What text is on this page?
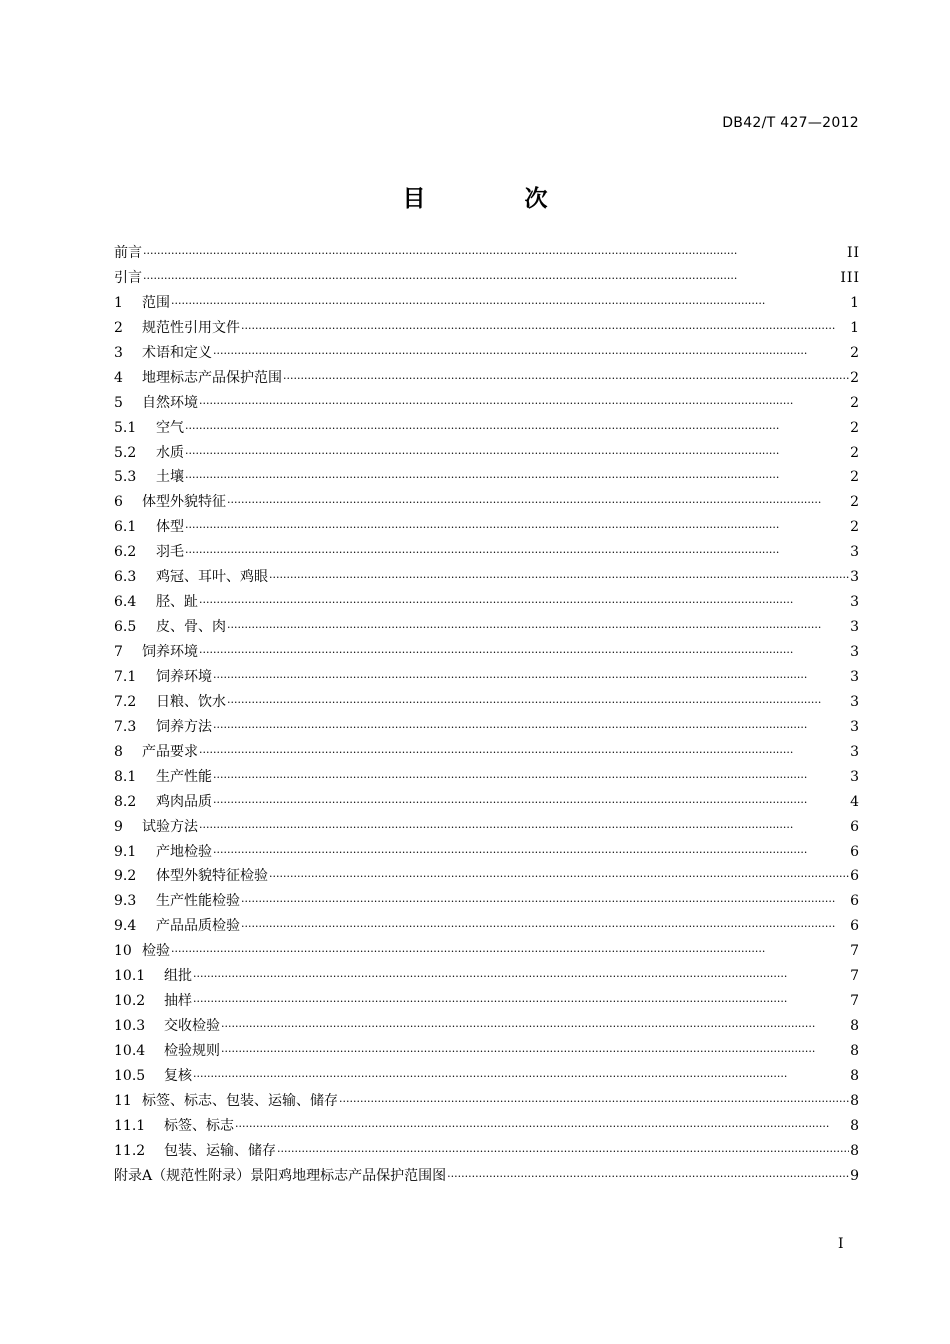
DB42/T 427—2012
目　次
前言 ·····	II
引言 ·····	III
1 范围 ·····	1
2 规范性引用文件 ·····	1
3 术语和定义 ·····	2
4 地理标志产品保护范围 ·····	2
5 自然环境 ·····	2
5.1 空气 ·····	2
5.2 水质 ·····	2
5.3 土壤 ·····	2
6 体型外貌特征 ·····	2
6.1 体型 ·····	2
6.2 羽毛 ·····	3
6.3 鸡冠、耳叶、鸡眼 ·····	3
6.4 胫、趾 ·····	3
6.5 皮、骨、肉 ·····	3
7 饲养环境 ·····	3
7.1 饲养环境 ·····	3
7.2 日粮、饮水 ·····	3
7.3 饲养方法 ·····	3
8 产品要求 ·····	3
8.1 生产性能 ·····	3
8.2 鸡肉品质 ·····	4
9 试验方法 ·····	6
9.1 产地检验 ·····	6
9.2 体型外貌特征检验 ·····	6
9.3 生产性能检验 ·····	6
9.4 产品品质检验 ·····	6
10 检验 ·····	7
10.1 组批 ·····	7
10.2 抽样 ·····	7
10.3 交收检验 ·····	8
10.4 检验规则 ·····	8
10.5 复核 ·····	8
11 标签、标志、包装、运输、储存 ·····	8
11.1 标签、标志 ·····	8
11.2 包装、运输、储存 ·····	8
附录A（规范性附录）景阳鸡地理标志产品保护范围图 ·····	9
I
